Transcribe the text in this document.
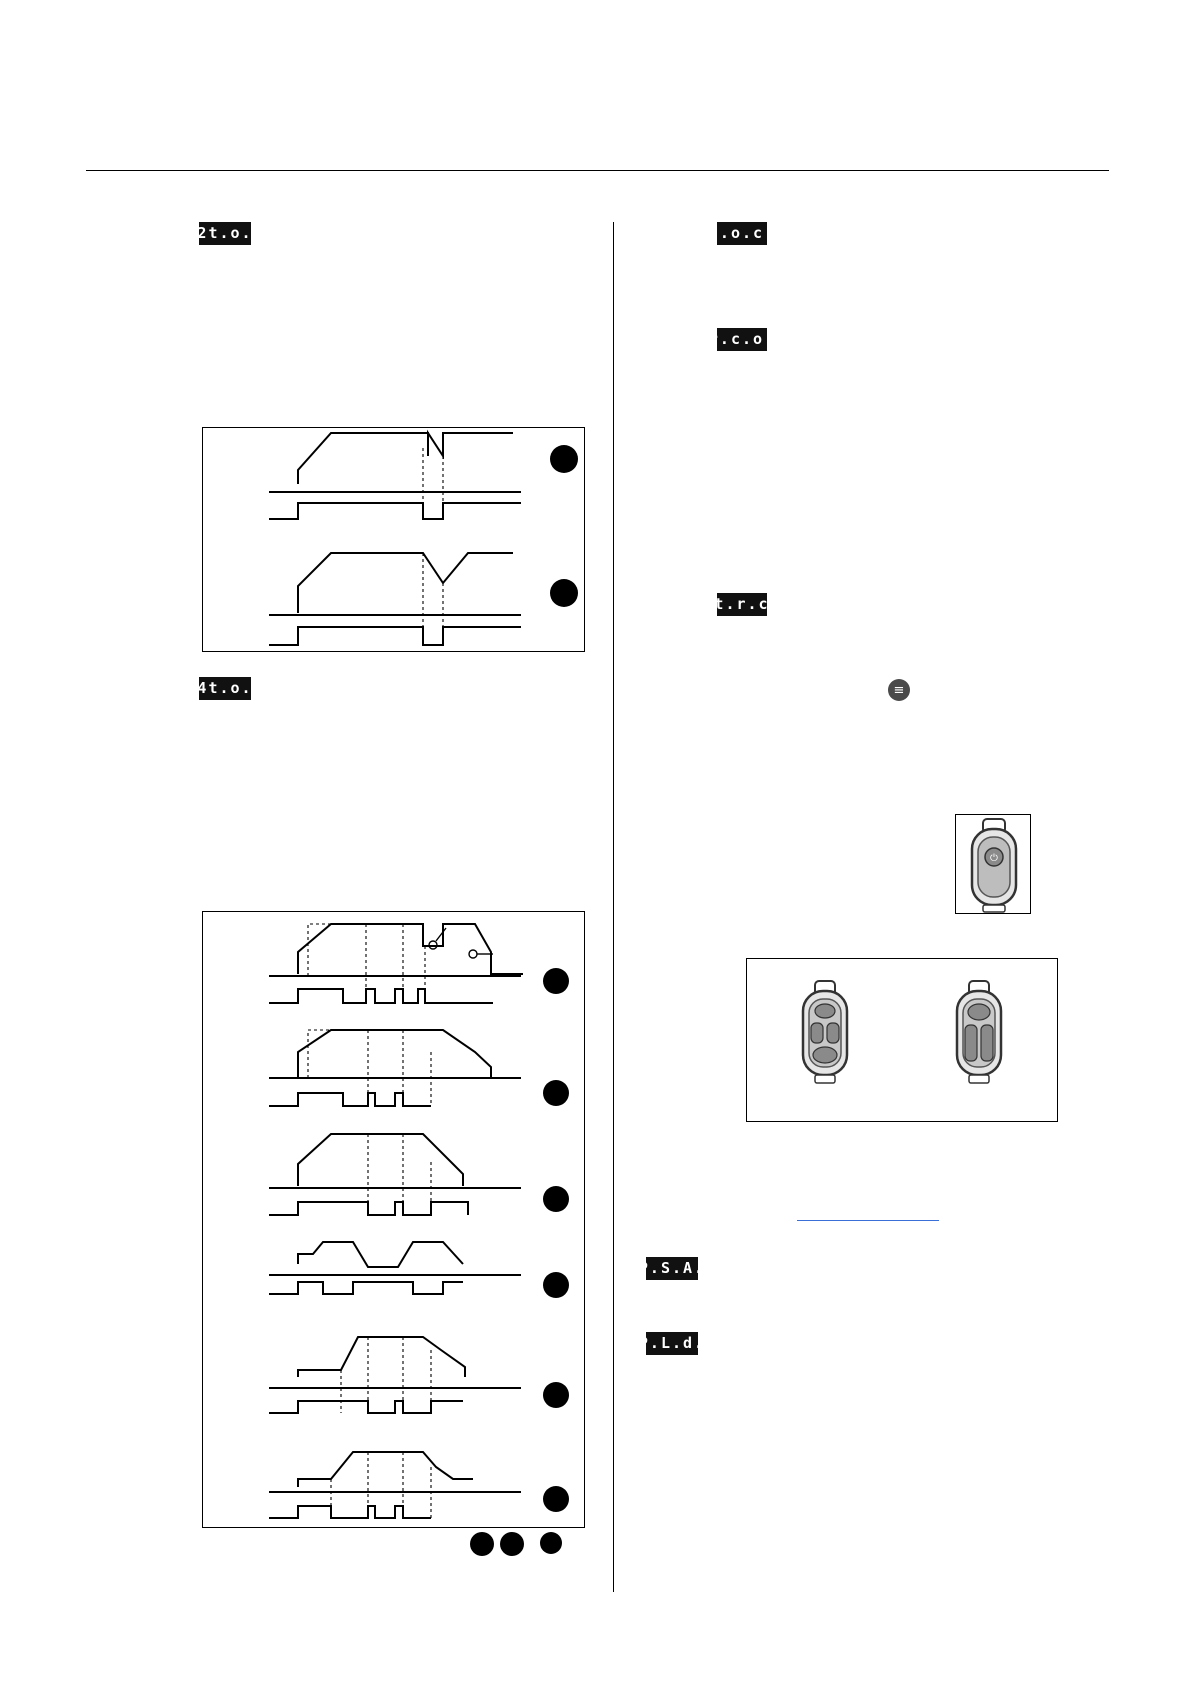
2t.o.
4t.o.
d.o.c.
r.c.o.
t.r.c
≡
⏻
P.S.A.
P.L.d.
